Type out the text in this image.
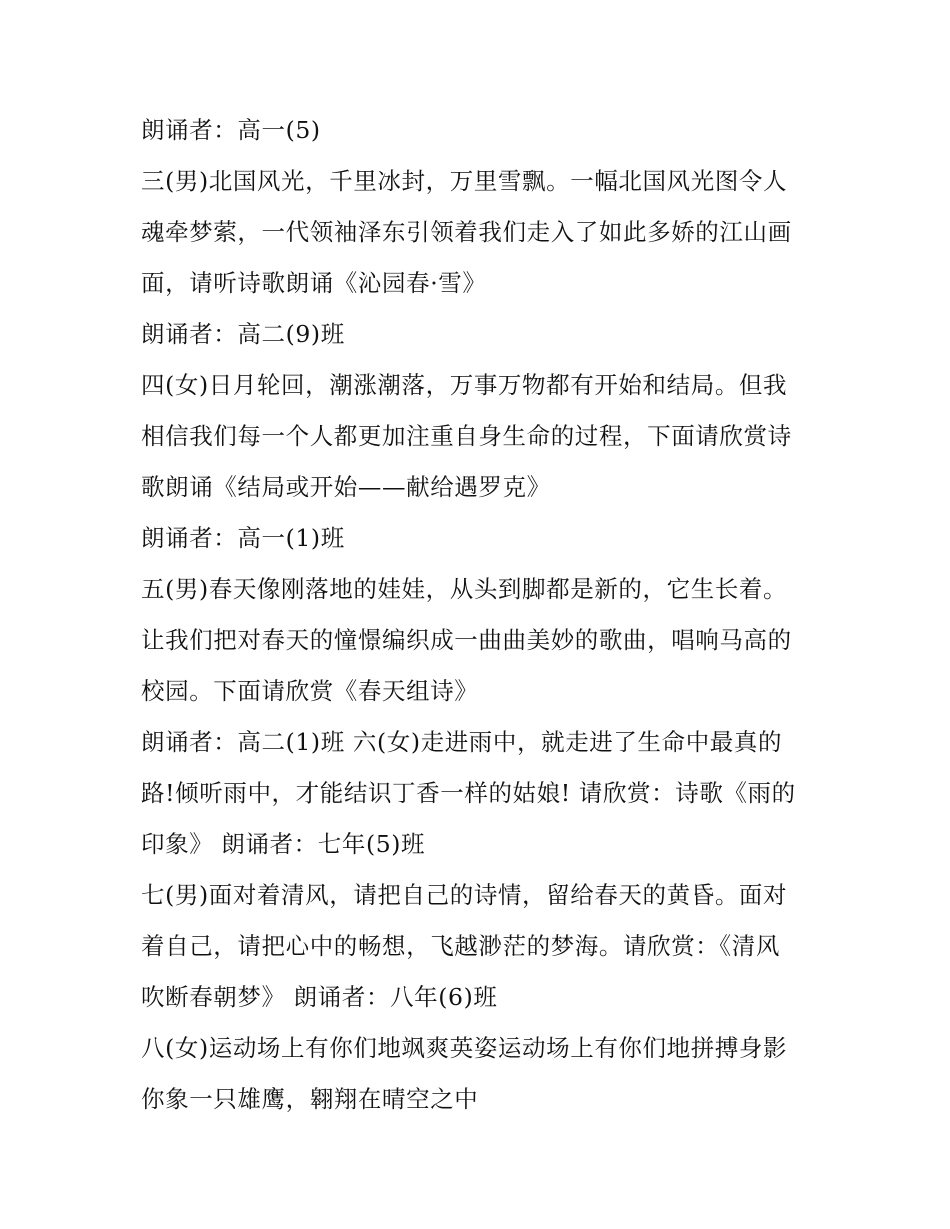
朗诵者：高一(5)
三(男)北国风光，千里冰封，万里雪飘。一幅北国风光图令人
魂牵梦萦，一代领袖泽东引领着我们走入了如此多娇的江山画
面，请听诗歌朗诵《沁园春·雪》
朗诵者：高二(9)班
四(女)日月轮回，潮涨潮落，万事万物都有开始和结局。但我
相信我们每一个人都更加注重自身生命的过程，下面请欣赏诗
歌朗诵《结局或开始——献给遇罗克》
朗诵者：高一(1)班
五(男)春天像刚落地的娃娃，从头到脚都是新的，它生长着。
让我们把对春天的憧憬编织成一曲曲美妙的歌曲，唱响马高的
校园。下面请欣赏《春天组诗》
朗诵者：高二(1)班 六(女)走进雨中，就走进了生命中最真的
路!倾听雨中，才能结识丁香一样的姑娘! 请欣赏：诗歌《雨的
印象》 朗诵者：七年(5)班
七(男)面对着清风，请把自己的诗情，留给春天的黄昏。面对
着自己，请把心中的畅想，飞越渺茫的梦海。请欣赏：《清风
吹断春朝梦》 朗诵者：八年(6)班
八(女)运动场上有你们地飒爽英姿运动场上有你们地拼搏身影
你象一只雄鹰，翱翔在晴空之中
